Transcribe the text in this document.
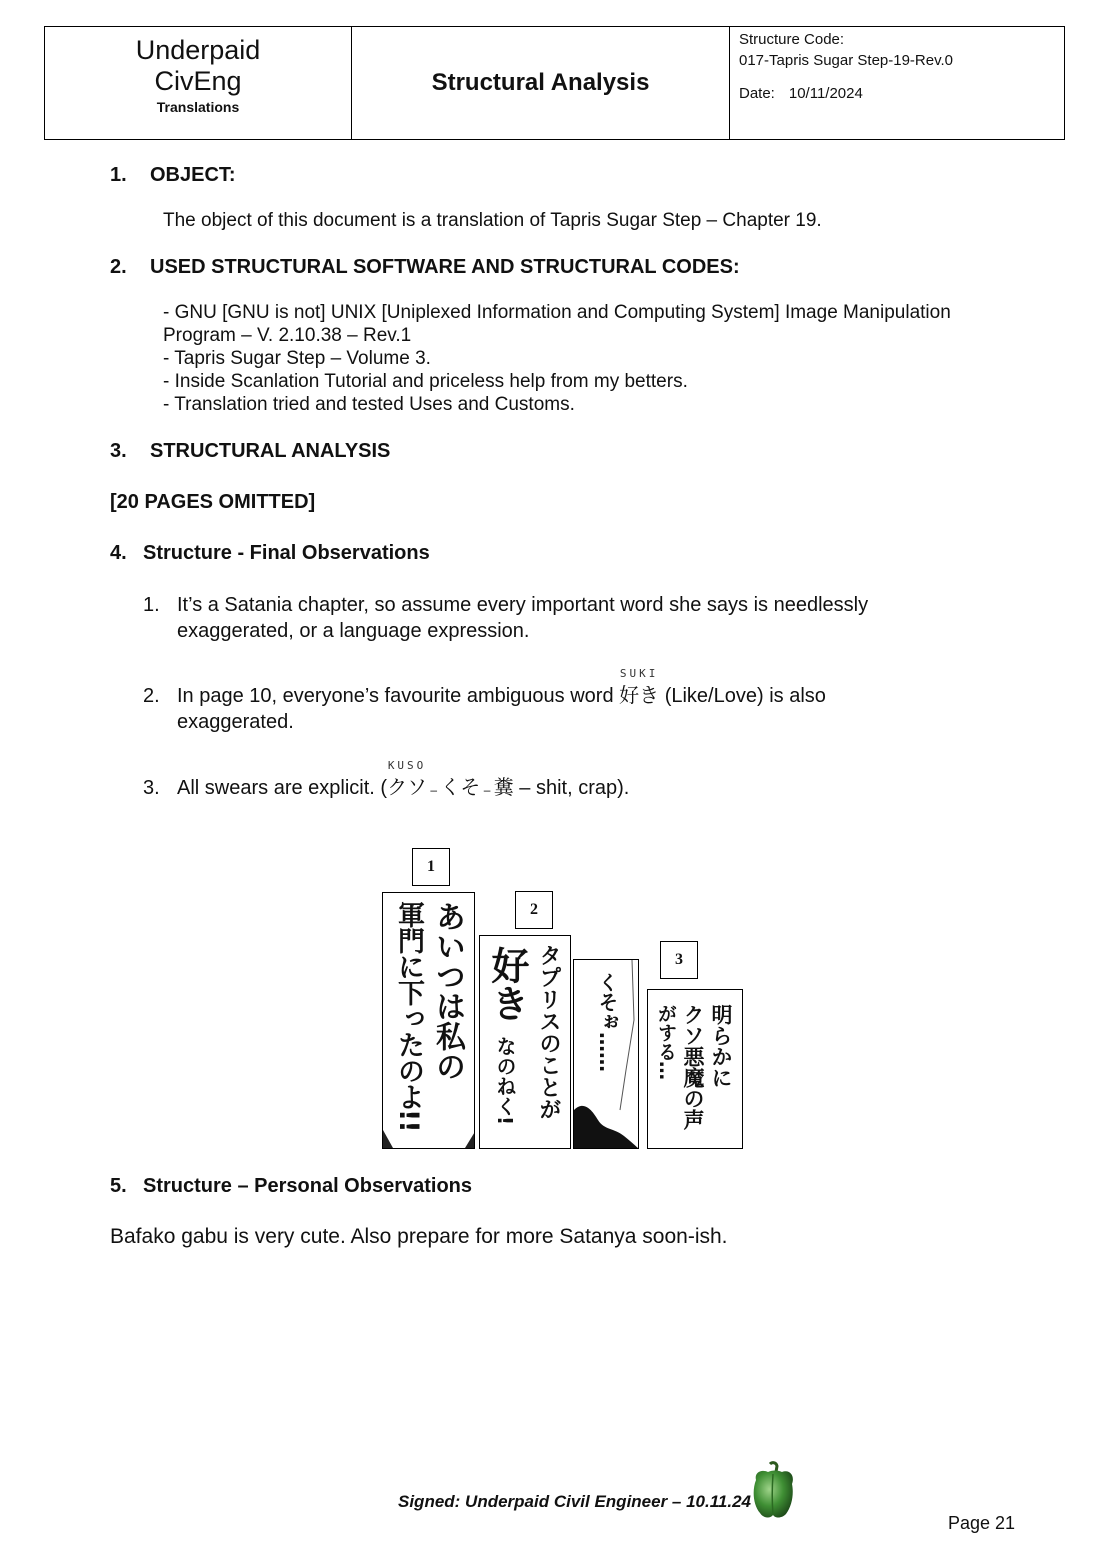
Underpaid
CivEng
Translations
Structural Analysis
Structure Code:
017-Tapris Sugar Step-19-Rev.0
Date: 10/11/2024
1. OBJECT:
The object of this document is a translation of Tapris Sugar Step – Chapter 19.
2. USED STRUCTURAL SOFTWARE AND STRUCTURAL CODES:
- GNU [GNU is not] UNIX [Uniplexed Information and Computing System] Image Manipulation
Program – V. 2.10.38 – Rev.1
- Tapris Sugar Step – Volume 3.
- Inside Scanlation Tutorial and priceless help from my betters.
- Translation tried and tested Uses and Customs.
3. STRUCTURAL ANALYSIS
[20 PAGES OMITTED]
4. Structure - Final Observations
1. It’s a Satania chapter, so assume every important word she says is needlessly
exaggerated, or a language expression.
2. In page 10, everyone’s favourite ambiguous word
SUKI
好き (Like/Love) is also
exaggerated.
3. All swears are explicit. (
KUSO
クソ – くそ – 糞 – shit, crap).
1
2
3
あいつは私の
軍門に下ったのよ!! 好き
なのねく! タプリスのことが くそぉ……	明らかに
クソ悪魔の声
がする…
5. Structure – Personal Observations
Bafako gabu is very cute. Also prepare for more Satanya soon-ish.
Signed: Underpaid Civil Engineer – 10.11.24
Page 21
